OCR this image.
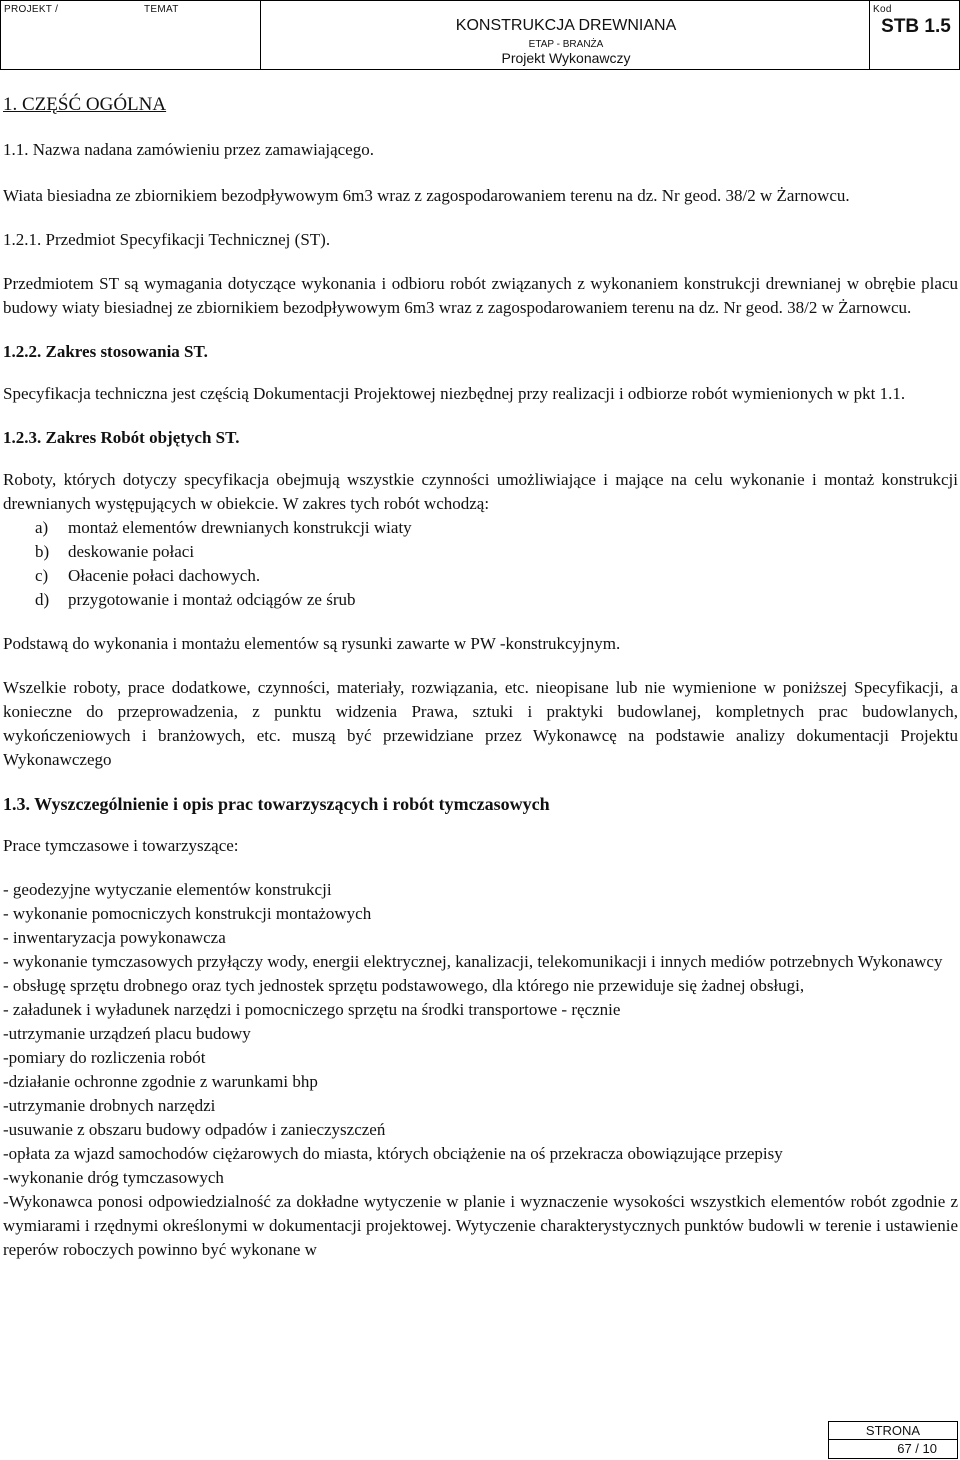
PROJEKT /	TEMAT	Kod
KONSTRUKCJA DREWNIANA
ETAP - BRANŻA
Projekt Wykonawczy
STB 1.5
1. CZĘŚĆ OGÓLNA
1.1. Nazwa nadana zamówieniu przez zamawiającego.

Wiata biesiadna ze zbiornikiem bezodpływowym 6m3 wraz z zagospodarowaniem terenu na dz. Nr geod. 38/2 w Żarnowcu.

1.2.1. Przedmiot Specyfikacji Technicznej (ST).

Przedmiotem ST są wymagania dotyczące wykonania i odbioru robót związanych z wykonaniem konstrukcji drewnianej w obrębie placu budowy wiaty biesiadnej ze zbiornikiem bezodpływowym 6m3 wraz z zagospodarowaniem terenu na dz. Nr geod. 38/2 w Żarnowcu.

1.2.2. Zakres stosowania ST.

Specyfikacja techniczna jest częścią Dokumentacji Projektowej niezbędnej przy realizacji i odbiorze robót wymienionych w pkt 1.1.

1.2.3. Zakres Robót objętych ST.

Roboty, których dotyczy specyfikacja obejmują wszystkie czynności umożliwiające i mające na celu wykonanie i montaż konstrukcji drewnianych występujących w obiekcie. W zakres tych robót wchodzą:

a)	montaż elementów drewnianych konstrukcji wiaty
b)	deskowanie połaci
c)	Ołacenie połaci dachowych.
d)	przygotowanie i montaż odciągów ze śrub

Podstawą do wykonania i montażu elementów są rysunki zawarte w PW -konstrukcyjnym.

Wszelkie roboty, prace dodatkowe, czynności, materiały, rozwiązania, etc. nieopisane lub nie wymienione w poniższej Specyfikacji, a konieczne do przeprowadzenia, z punktu widzenia Prawa, sztuki i praktyki budowlanej, kompletnych prac budowlanych, wykończeniowych i branżowych, etc. muszą być przewidziane przez Wykonawcę na podstawie analizy dokumentacji Projektu Wykonawczego

1.3. Wyszczególnienie i opis prac towarzyszących i robót tymczasowych

Prace tymczasowe i towarzyszące:

- geodezyjne wytyczanie elementów konstrukcji
- wykonanie pomocniczych konstrukcji montażowych
- inwentaryzacja powykonawcza
- wykonanie tymczasowych przyłączy wody, energii elektrycznej, kanalizacji, telekomunikacji i innych mediów potrzebnych Wykonawcy
- obsługę sprzętu drobnego oraz tych jednostek sprzętu podstawowego, dla którego nie przewiduje się żadnej obsługi,
- załadunek i wyładunek narzędzi i pomocniczego sprzętu na środki transportowe - ręcznie
-utrzymanie urządzeń placu budowy
-pomiary do rozliczenia robót
-działanie ochronne zgodnie z warunkami bhp
-utrzymanie drobnych narzędzi
-usuwanie z obszaru budowy odpadów i zanieczyszczeń
-opłata za wjazd samochodów ciężarowych do miasta, których obciążenie na oś przekracza obowiązujące przepisy
-wykonanie dróg tymczasowych
-Wykonawca ponosi odpowiedzialność za dokładne wytyczenie w planie i wyznaczenie wysokości wszystkich elementów robót zgodnie z wymiarami i rzędnymi określonymi w dokumentacji projektowej. Wytyczenie charakterystycznych punktów budowli w terenie i ustawienie reperów roboczych powinno być wykonane w
STRONA
67 / 10
